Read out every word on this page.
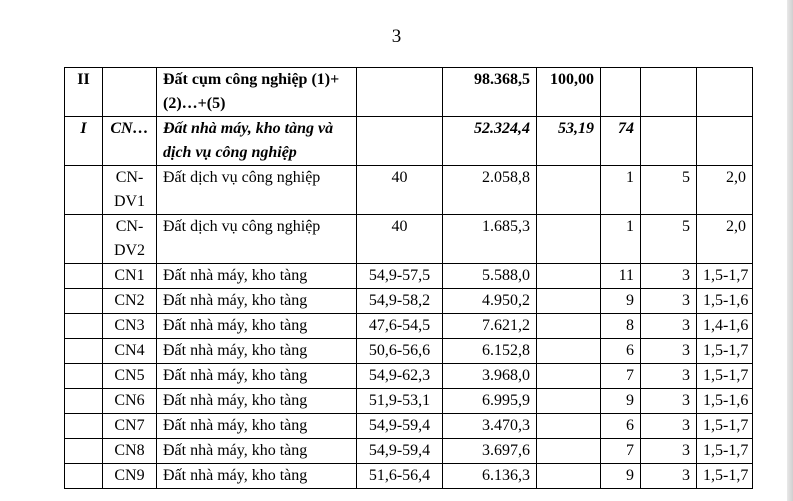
3
II		Đất cụm công nghiệp (1)+(2)…+(5)		98.368,5	100,00			
I	CN…	Đất nhà máy, kho tàng và dịch vụ công nghiệp		52.324,4	53,19	74		
	CN-DV1	Đất dịch vụ công nghiệp	40	2.058,8		1	5	2,0
	CN-DV2	Đất dịch vụ công nghiệp	40	1.685,3		1	5	2,0
	CN1	Đất nhà máy, kho tàng	54,9-57,5	5.588,0		11	3	1,5-1,7
	CN2	Đất nhà máy, kho tàng	54,9-58,2	4.950,2		9	3	1,5-1,6
	CN3	Đất nhà máy, kho tàng	47,6-54,5	7.621,2		8	3	1,4-1,6
	CN4	Đất nhà máy, kho tàng	50,6-56,6	6.152,8		6	3	1,5-1,7
	CN5	Đất nhà máy, kho tàng	54,9-62,3	3.968,0		7	3	1,5-1,7
	CN6	Đất nhà máy, kho tàng	51,9-53,1	6.995,9		9	3	1,5-1,6
	CN7	Đất nhà máy, kho tàng	54,9-59,4	3.470,3		6	3	1,5-1,7
	CN8	Đất nhà máy, kho tàng	54,9-59,4	3.697,6		7	3	1,5-1,7
	CN9	Đất nhà máy, kho tàng	51,6-56,4	6.136,3		9	3	1,5-1,7
